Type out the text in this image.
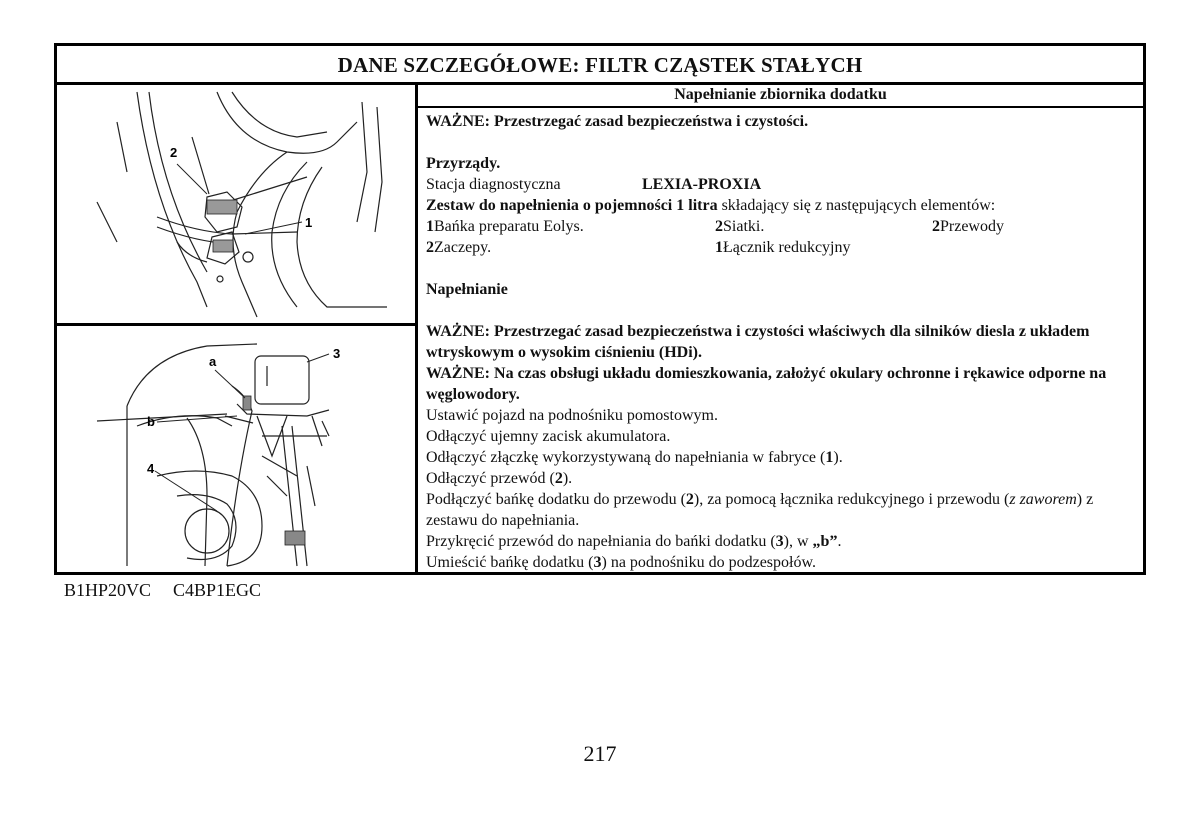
DANE SZCZEGÓŁOWE: FILTR CZĄSTEK STAŁYCH
2
1
a
3
b
4
Napełnianie zbiornika dodatku

WAŻNE: Przestrzegać zasad bezpieczeństwa i czystości.

Przyrządy.

Stacja diagnostyczna	LEXIA-PROXIA

Zestaw do napełnienia o pojemności 1 litra składający się z następujących elementów:

1Bańka preparatu Eolys.	2Siatki.	2Przewody

2Zaczepy.	1Łącznik redukcyjny

Napełnianie

WAŻNE: Przestrzegać zasad bezpieczeństwa i czystości właściwych dla silników diesla z układem wtryskowym o wysokim ciśnieniu (HDi).

WAŻNE: Na czas obsługi układu domieszkowania, założyć okulary ochronne i rękawice odporne na węglowodory.

Ustawić pojazd na podnośniku pomostowym.

Odłączyć ujemny zacisk akumulatora.

Odłączyć złączkę wykorzystywaną do napełniania w fabryce (1).

Odłączyć przewód (2).

Podłączyć bańkę dodatku do przewodu (2), za pomocą łącznika redukcyjnego i przewodu (z zaworem) z zestawu do napełniania.

Przykręcić przewód do napełniania do bańki dodatku (3), w „b”.

Umieścić bańkę dodatku (3) na podnośniku do podzespołów.

B1HP20VC C4BP1EGC
217
